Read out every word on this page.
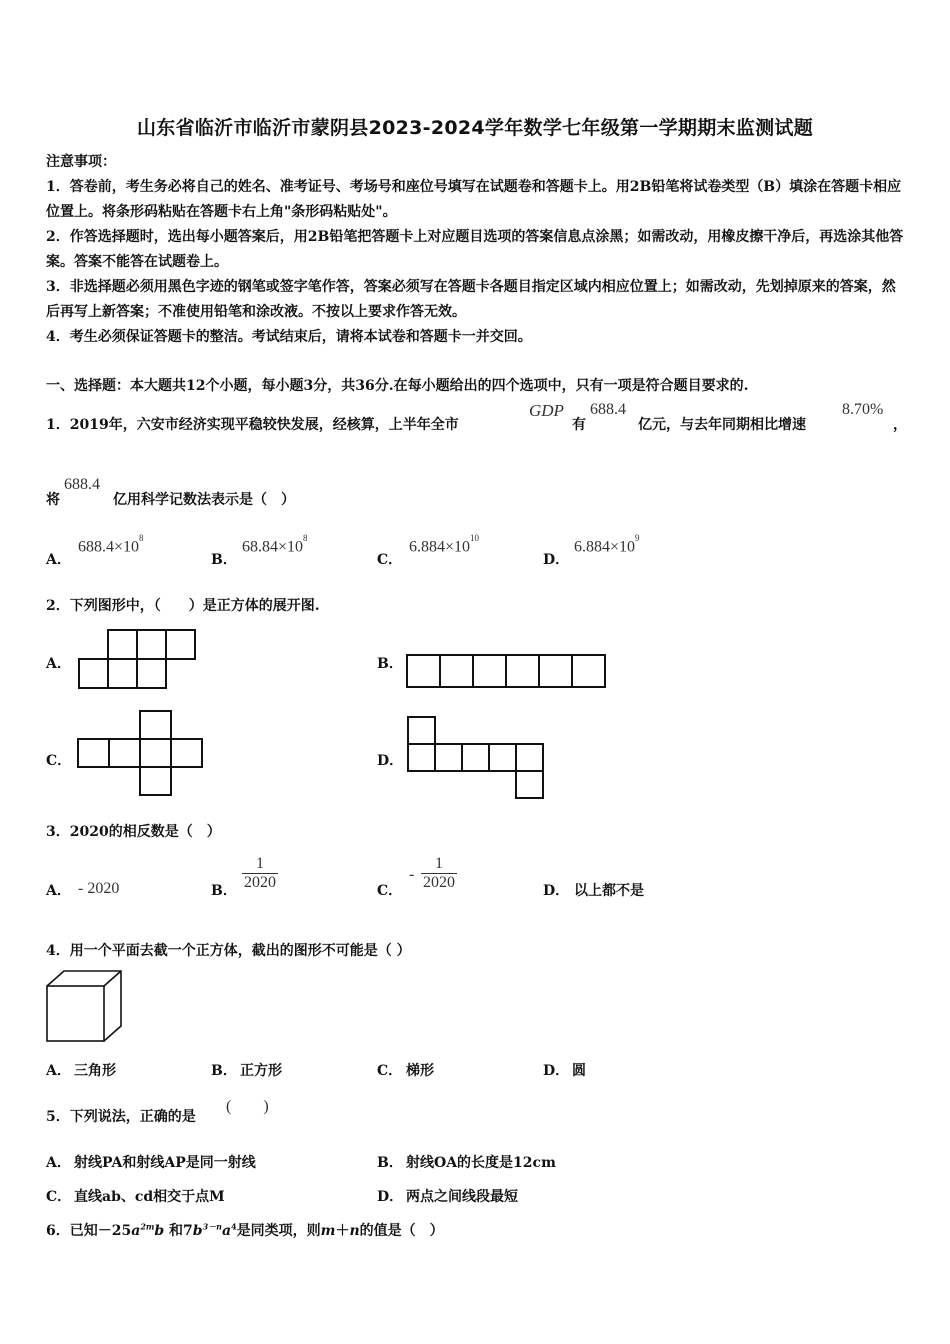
山东省临沂市临沂市蒙阴县2023-2024学年数学七年级第一学期期末监测试题
注意事项：
1．答卷前，考生务必将自己的姓名、准考证号、考场号和座位号填写在试题卷和答题卡上。用2B铅笔将试卷类型（B）填涂在答题卡相应位置上。将条形码粘贴在答题卡右上角"条形码粘贴处"。
2．作答选择题时，选出每小题答案后，用2B铅笔把答题卡上对应题目选项的答案信息点涂黑；如需改动，用橡皮擦干净后，再选涂其他答案。答案不能答在试题卷上。
3．非选择题必须用黑色字迹的钢笔或签字笔作答，答案必须写在答题卡各题目指定区域内相应位置上；如需改动，先划掉原来的答案，然后再写上新答案；不准使用铅笔和涂改液。不按以上要求作答无效。
4．考生必须保证答题卡的整洁。考试结束后，请将本试卷和答题卡一并交回。
一、选择题：本大题共12个小题，每小题3分，共36分.在每小题给出的四个选项中，只有一项是符合题目要求的.
1．2019年，六安市经济实现平稳较快发展，经核算，上半年全市
GDP
有
688.4
亿元，与去年同期相比增速
8.70%
，
将
688.4
亿用科学记数法表示是（　）
A．
$688.4\times 10^8$
B．
$68.84\times 10^8$
C．
$6.884\times 10^{10}$
D．
$6.884\times 10^9$
2．下列图形中，（　　）是正方体的展开图.
A．	B．
C．	D．
3．2020的相反数是（　）
A． - 2020	B． $\frac{1}{2020}$	C．
- $\frac{1}{2020}$	D． 以上都不是
4．用一个平面去截一个正方体，截出的图形不可能是（ ）
A． 三角形	B． 正方形	C． 梯形	D． 圆
5．下列说法，正确的是
(　　)
A． 射线PA和射线AP是同一射线	B． 射线OA的长度是12cm
C． 直线ab、cd相交于点M	D． 两点之间线段最短
6．已知$-25a^{2m}b$ 和$7b^{3-n}a^4$是同类项，则m＋n的值是（　）
